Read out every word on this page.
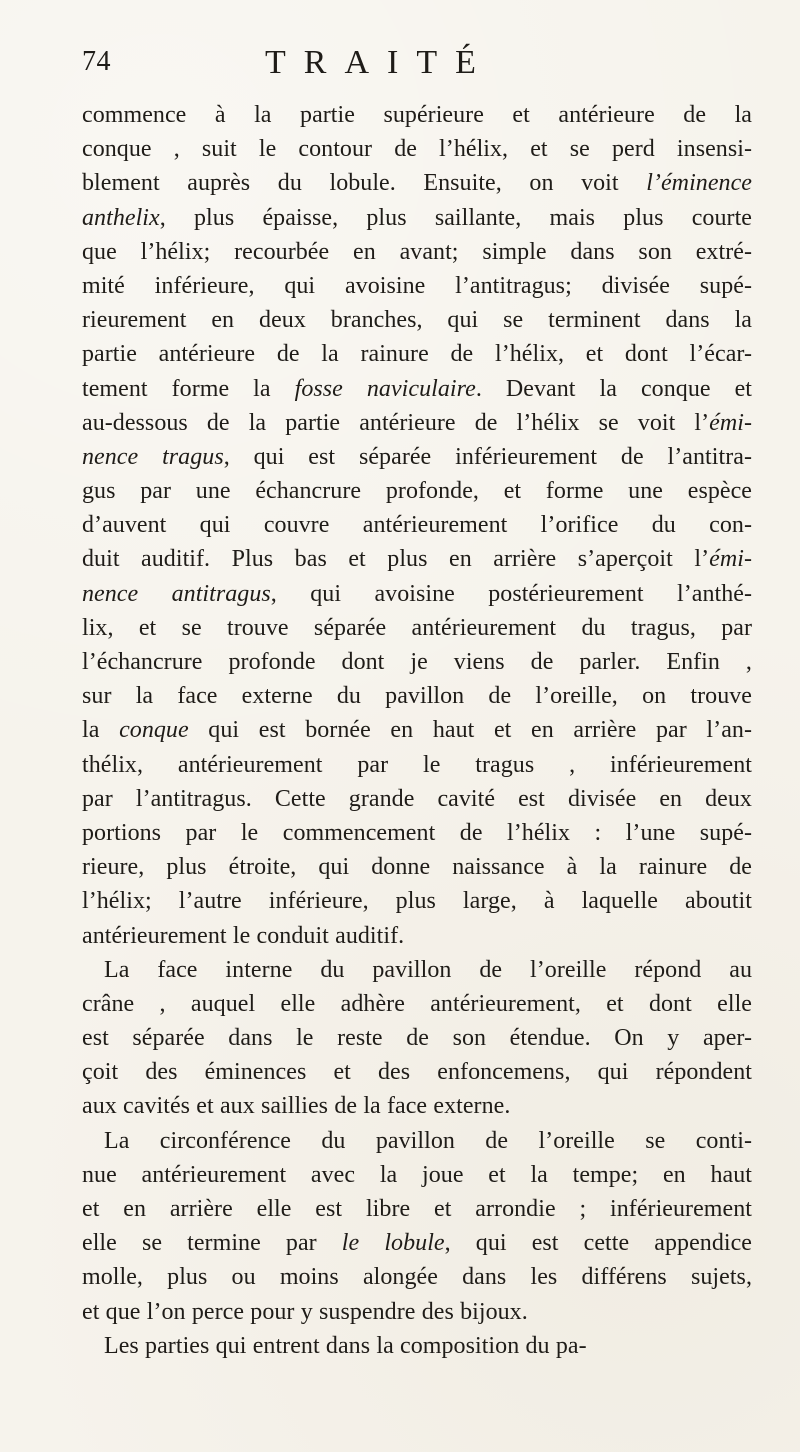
74	TRAITÉ
commence à la partie supérieure et antérieure de la
conque , suit le contour de l’hélix, et se perd insensi-
blement auprès du lobule. Ensuite, on voit l’éminence
anthelix, plus épaisse, plus saillante, mais plus courte
que l’hélix; recourbée en avant; simple dans son extré-
mité inférieure, qui avoisine l’antitragus; divisée supé-
rieurement en deux branches, qui se terminent dans la
partie antérieure de la rainure de l’hélix, et dont l’écar-
tement forme la fosse naviculaire. Devant la conque et
au-dessous de la partie antérieure de l’hélix se voit l’émi-
nence tragus, qui est séparée inférieurement de l’antitra-
gus par une échancrure profonde, et forme une espèce
d’auvent qui couvre antérieurement l’orifice du con-
duit auditif. Plus bas et plus en arrière s’aperçoit l’émi-
nence antitragus, qui avoisine postérieurement l’anthé-
lix, et se trouve séparée antérieurement du tragus, par
l’échancrure profonde dont je viens de parler. Enfin ,
sur la face externe du pavillon de l’oreille, on trouve
la conque qui est bornée en haut et en arrière par l’an-
thélix, antérieurement par le tragus , inférieurement
par l’antitragus. Cette grande cavité est divisée en deux
portions par le commencement de l’hélix : l’une supé-
rieure, plus étroite, qui donne naissance à la rainure de
l’hélix; l’autre inférieure, plus large, à laquelle aboutit
antérieurement le conduit auditif.
La face interne du pavillon de l’oreille répond au
crâne , auquel elle adhère antérieurement, et dont elle
est séparée dans le reste de son étendue. On y aper-
çoit des éminences et des enfoncemens, qui répondent
aux cavités et aux saillies de la face externe.
La circonférence du pavillon de l’oreille se conti-
nue antérieurement avec la joue et la tempe; en haut
et en arrière elle est libre et arrondie ; inférieurement
elle se termine par le lobule, qui est cette appendice
molle, plus ou moins alongée dans les différens sujets,
et que l’on perce pour y suspendre des bijoux.
Les parties qui entrent dans la composition du pa-
